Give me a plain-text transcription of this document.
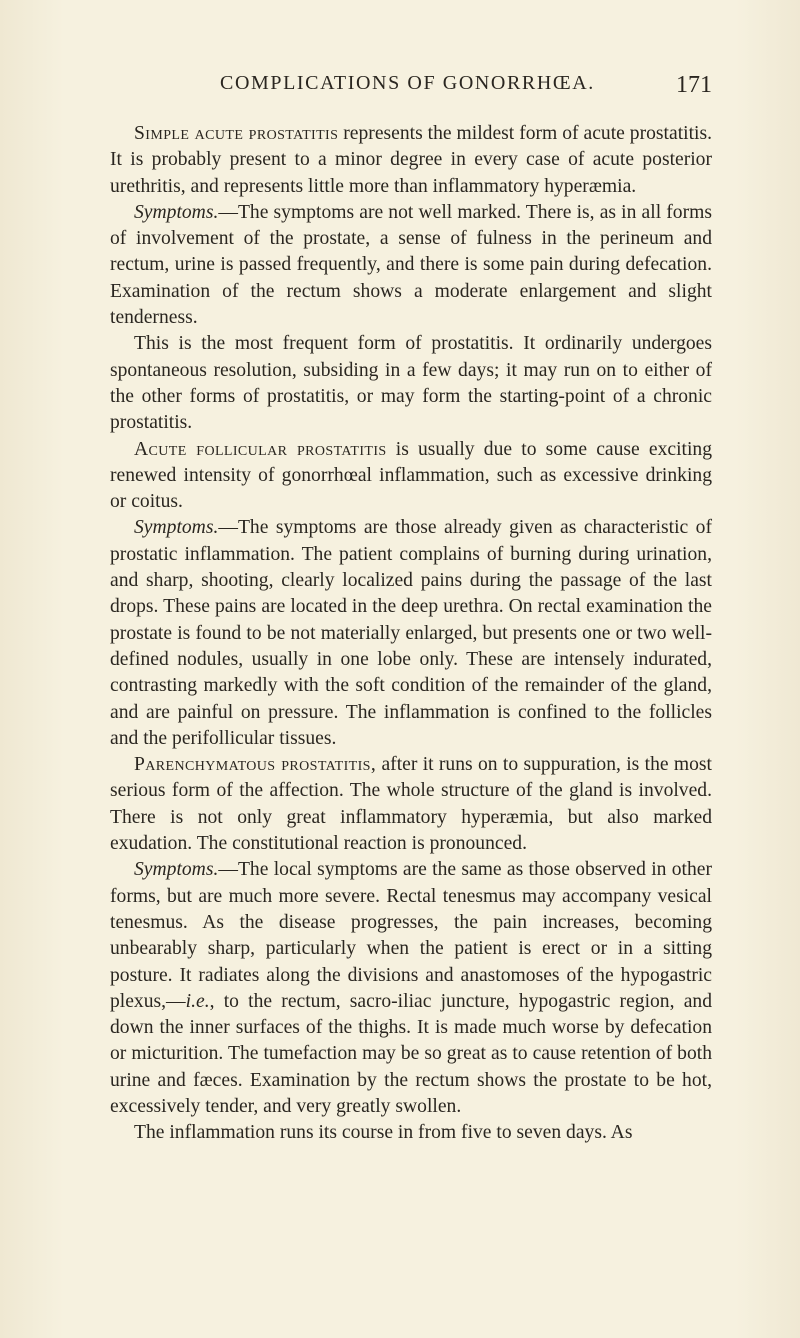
COMPLICATIONS OF GONORRHŒA.	171

Simple acute prostatitis represents the mildest form of acute prostatitis. It is probably present to a minor degree in every case of acute posterior urethritis, and represents little more than inflammatory hyperæmia.

Symptoms.—The symptoms are not well marked. There is, as in all forms of involvement of the prostate, a sense of fulness in the perineum and rectum, urine is passed frequently, and there is some pain during defecation. Examination of the rectum shows a moderate enlargement and slight tenderness.

This is the most frequent form of prostatitis. It ordinarily undergoes spontaneous resolution, subsiding in a few days; it may run on to either of the other forms of prostatitis, or may form the starting-point of a chronic prostatitis.

Acute follicular prostatitis is usually due to some cause exciting renewed intensity of gonorrhœal inflammation, such as excessive drinking or coitus.

Symptoms.—The symptoms are those already given as characteristic of prostatic inflammation. The patient complains of burning during urination, and sharp, shooting, clearly localized pains during the passage of the last drops. These pains are located in the deep urethra. On rectal examination the prostate is found to be not materially enlarged, but presents one or two well-defined nodules, usually in one lobe only. These are intensely indurated, contrasting markedly with the soft condition of the remainder of the gland, and are painful on pressure. The inflammation is confined to the follicles and the perifollicular tissues.

Parenchymatous prostatitis, after it runs on to suppuration, is the most serious form of the affection. The whole structure of the gland is involved. There is not only great inflammatory hyperæmia, but also marked exudation. The constitutional reaction is pronounced.

Symptoms.—The local symptoms are the same as those observed in other forms, but are much more severe. Rectal tenesmus may accompany vesical tenesmus. As the disease progresses, the pain increases, becoming unbearably sharp, particularly when the patient is erect or in a sitting posture. It radiates along the divisions and anastomoses of the hypogastric plexus,—i.e., to the rectum, sacro-iliac juncture, hypogastric region, and down the inner surfaces of the thighs. It is made much worse by defecation or micturition. The tumefaction may be so great as to cause retention of both urine and fæces. Examination by the rectum shows the prostate to be hot, excessively tender, and very greatly swollen.

The inflammation runs its course in from five to seven days. As
